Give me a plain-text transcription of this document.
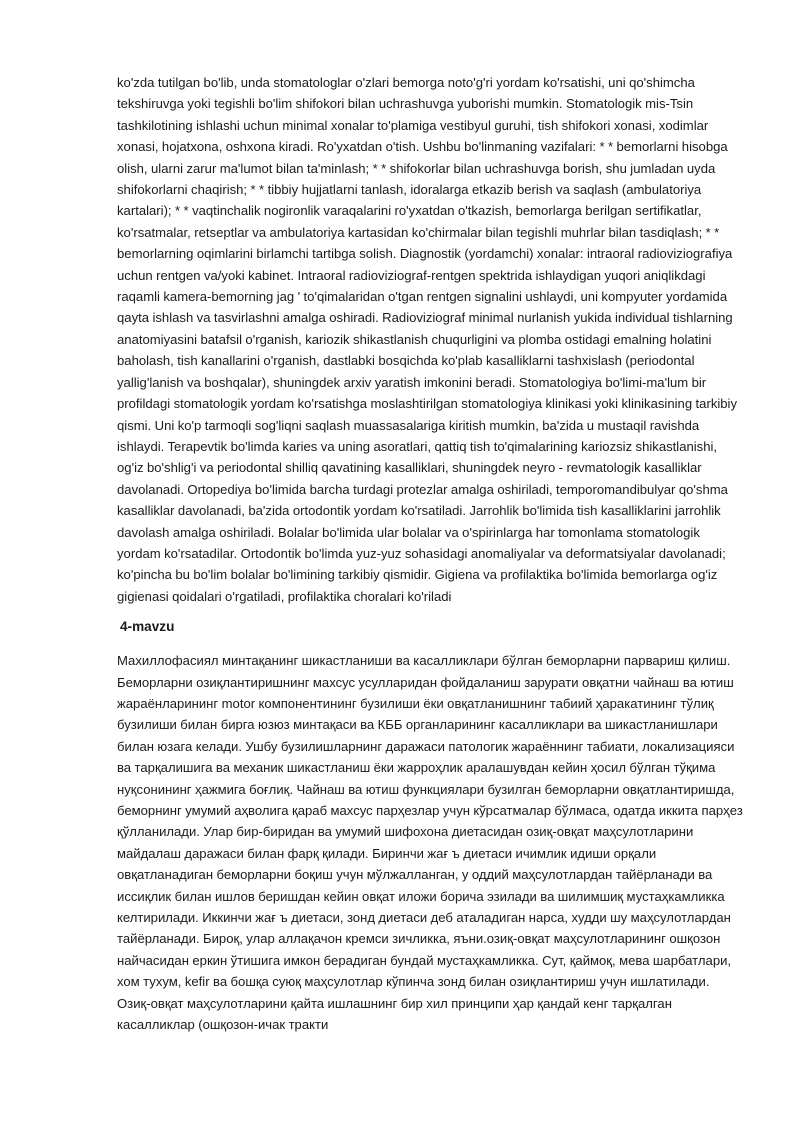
ko'zda tutilgan bo'lib, unda stomatologlar o'zlari bemorga noto'g'ri yordam ko'rsatishi, uni qo'shimcha tekshiruvga yoki tegishli bo'lim shifokori bilan uchrashuvga yuborishi mumkin. Stomatologik mis-Tsin tashkilotining ishlashi uchun minimal xonalar to'plamiga vestibyul guruhi, tish shifokori xonasi, xodimlar xonasi, hojatxona, oshxona kiradi. Ro'yxatdan o'tish. Ushbu bo'linmaning vazifalari: * * bemorlarni hisobga olish, ularni zarur ma'lumot bilan ta'minlash; * * shifokorlar bilan uchrashuvga borish, shu jumladan uyda shifokorlarni chaqirish; * * tibbiy hujjatlarni tanlash, idoralarga etkazib berish va saqlash (ambulatoriya kartalari); * * vaqtinchalik nogironlik varaqalarini ro'yxatdan o'tkazish, bemorlarga berilgan sertifikatlar, ko'rsatmalar, retseptlar va ambulatoriya kartasidan ko'chirmalar bilan tegishli muhrlar bilan tasdiqlash; * * bemorlarning oqimlarini birlamchi tartibga solish. Diagnostik (yordamchi) xonalar: intraoral radioviziografiya uchun rentgen va/yoki kabinet. Intraoral radioviziograf-rentgen spektrida ishlaydigan yuqori aniqlikdagi raqamli kamera-bemorning jag ' to'qimalaridan o'tgan rentgen signalini ushlaydi, uni kompyuter yordamida qayta ishlash va tasvirlashni amalga oshiradi. Radioviziograf minimal nurlanish yukida individual tishlarning anatomiyasini batafsil o'rganish, kariozik shikastlanish chuqurligini va plomba ostidagi emalning holatini baholash, tish kanallarini o'rganish, dastlabki bosqichda ko'plab kasalliklarni tashxislash (periodontal yallig'lanish va boshqalar), shuningdek arxiv yaratish imkonini beradi. Stomatologiya bo'limi-ma'lum bir profildagi stomatologik yordam ko'rsatishga moslashtirilgan stomatologiya klinikasi yoki klinikasining tarkibiy qismi. Uni ko'p tarmoqli sog'liqni saqlash muassasalariga kiritish mumkin, ba'zida u mustaqil ravishda ishlaydi. Terapevtik bo'limda karies va uning asoratlari, qattiq tish to'qimalarining kariozsiz shikastlanishi, og'iz bo'shlig'i va periodontal shilliq qavatining kasalliklari, shuningdek neyro - revmatologik kasalliklar davolanadi. Ortopediya bo'limida barcha turdagi protezlar amalga oshiriladi, temporomandibulyar qo'shma kasalliklar davolanadi, ba'zida ortodontik yordam ko'rsatiladi. Jarrohlik bo'limida tish kasalliklarini jarrohlik davolash amalga oshiriladi. Bolalar bo'limida ular bolalar va o'spirinlarga har tomonlama stomatologik yordam ko'rsatadilar. Ortodontik bo'limda yuz-yuz sohasidagi anomaliyalar va deformatsiyalar davolanadi; ko'pincha bu bo'lim bolalar bo'limining tarkibiy qismidir. Gigiena va profilaktika bo'limida bemorlarga og'iz gigienasi qoidalari o'rgatiladi, profilaktika choralari ko'riladi

4-mavzu

Махиллофасиял минтақанинг шикастланиши ва касалликлари бўлган беморларни парвариш қилиш. Беморларни озиқлантиришнинг махсус усулларидан фойдаланиш зарурати овқатни чайнаш ва ютиш жараёнларининг motor компонентининг бузилиши ёки овқатланишнинг табиий ҳаракатининг тўлиқ бузилиши билан бирга юзюз минтақаси ва КББ органларининг касалликлари ва шикастланишлари билан юзага келади. Ушбу бузилишларнинг даражаси патологик жараённинг табиати, локализацияси ва тарқалишига ва механик шикастланиш ёки жарроҳлик аралашувдан кейин ҳосил бўлган тўқима нуқсонининг ҳажмига боғлиқ. Чайнаш ва ютиш функциялари бузилган беморларни овқатлантиришда, беморнинг умумий аҳволига қараб махсус парҳезлар учун кўрсатмалар бўлмаса, одатда иккита парҳез қўлланилади. Улар бир-биридан ва умумий шифохона диетасидан озиқ-овқат маҳсулотларини майдалаш даражаси билан фарқ қилади. Биринчи жағ ъ диетаси ичимлик идиши орқали овқатланадиган беморларни боқиш учун мўлжалланган, у оддий маҳсулотлардан тайёрланади ва иссиқлик билан ишлов беришдан кейин овқат иложи борича эзилади ва шилимшиқ мустаҳкамликка келтирилади. Иккинчи жағ ъ диетаси, зонд диетаси деб аталадиган нарса, худди шу маҳсулотлардан тайёрланади. Бироқ, улар аллақачон кремси зичликка, яъни.озиқ-овқат маҳсулотларининг ошқозон найчасидан еркин ўтишига имкон берадиган бундай мустаҳкамликка. Сут, қаймоқ, мева шарбатлари, хом тухум, kefir ва бошқа суюқ маҳсулотлар кўпинча зонд билан озиқлантириш учун ишлатилади. Озиқ-овқат маҳсулотларини қайта ишлашнинг бир хил принципи ҳар қандай кенг тарқалган касалликлар (ошқозон-ичак тракти
